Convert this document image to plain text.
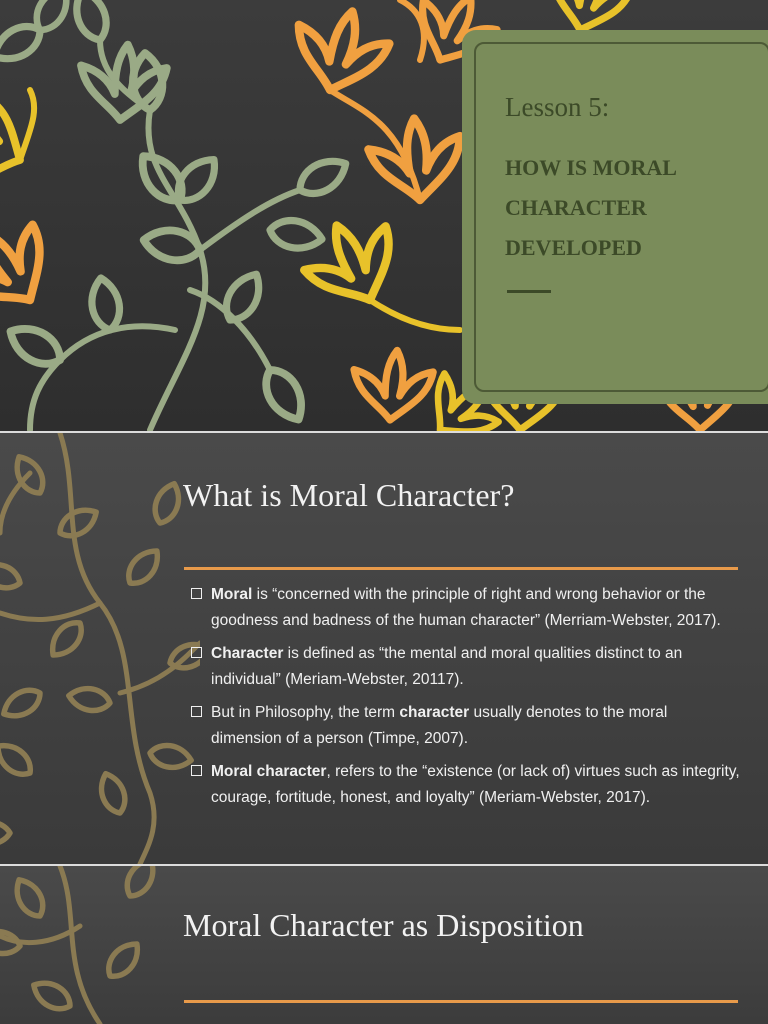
Lesson 5:
HOW IS MORAL CHARACTER DEVELOPED
What is Moral Character?
Moral is “concerned with the principle of right and wrong behavior or the goodness and badness of the human character” (Merriam-Webster, 2017).
Character is defined as “the mental and moral qualities distinct to an individual” (Meriam-Webster, 20117).
But in Philosophy, the term character usually denotes to the moral dimension of a person (Timpe, 2007).
Moral character, refers to the “existence (or lack of) virtues such as integrity, courage, fortitude, honest, and loyalty” (Meriam-Webster, 2017).
Moral Character as Disposition
